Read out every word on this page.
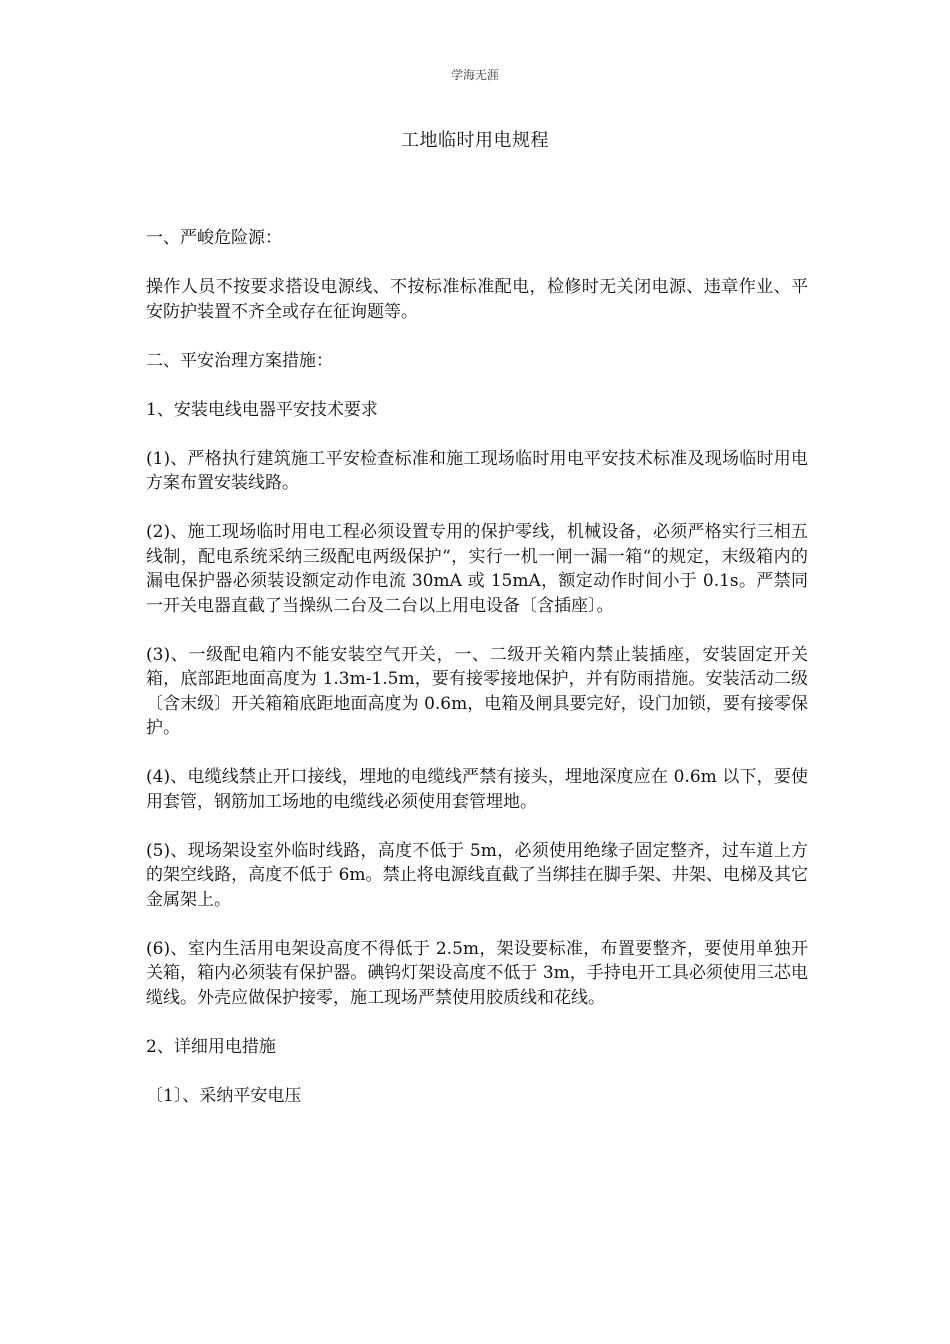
学海无涯
工地临时用电规程

一、严峻危险源：

操作人员不按要求搭设电源线、不按标准标准配电，检修时无关闭电源、违章作业、平安防护装置不齐全或存在征询题等。

二、平安治理方案措施：

1、安装电线电器平安技术要求

(1)、严格执行建筑施工平安检查标准和施工现场临时用电平安技术标准及现场临时用电方案布置安装线路。

(2)、施工现场临时用电工程必须设置专用的保护零线，机械设备，必须严格实行三相五线制，配电系统采纳三级配电两级保护“，实行一机一闸一漏一箱“的规定，末级箱内的漏电保护器必须装设额定动作电流 30mA 或 15mA，额定动作时间小于 0.1s。严禁同一开关电器直截了当操纵二台及二台以上用电设备〔含插座〕。

(3)、一级配电箱内不能安装空气开关，一、二级开关箱内禁止装插座，安装固定开关箱，底部距地面高度为 1.3m-1.5m，要有接零接地保护，并有防雨措施。安装活动二级〔含末级〕开关箱箱底距地面高度为 0.6m，电箱及闸具要完好，设门加锁，要有接零保护。

(4)、电缆线禁止开口接线，埋地的电缆线严禁有接头，埋地深度应在 0.6m 以下，要使用套管，钢筋加工场地的电缆线必须使用套管埋地。

(5)、现场架设室外临时线路，高度不低于 5m，必须使用绝缘子固定整齐，过车道上方的架空线路，高度不低于 6m。禁止将电源线直截了当绑挂在脚手架、井架、电梯及其它金属架上。

(6)、室内生活用电架设高度不得低于 2.5m，架设要标准，布置要整齐，要使用单独开关箱，箱内必须装有保护器。碘钨灯架设高度不低于 3m，手持电开工具必须使用三芯电缆线。外壳应做保护接零，施工现场严禁使用胶质线和花线。

2、详细用电措施

〔1〕、采纳平安电压
